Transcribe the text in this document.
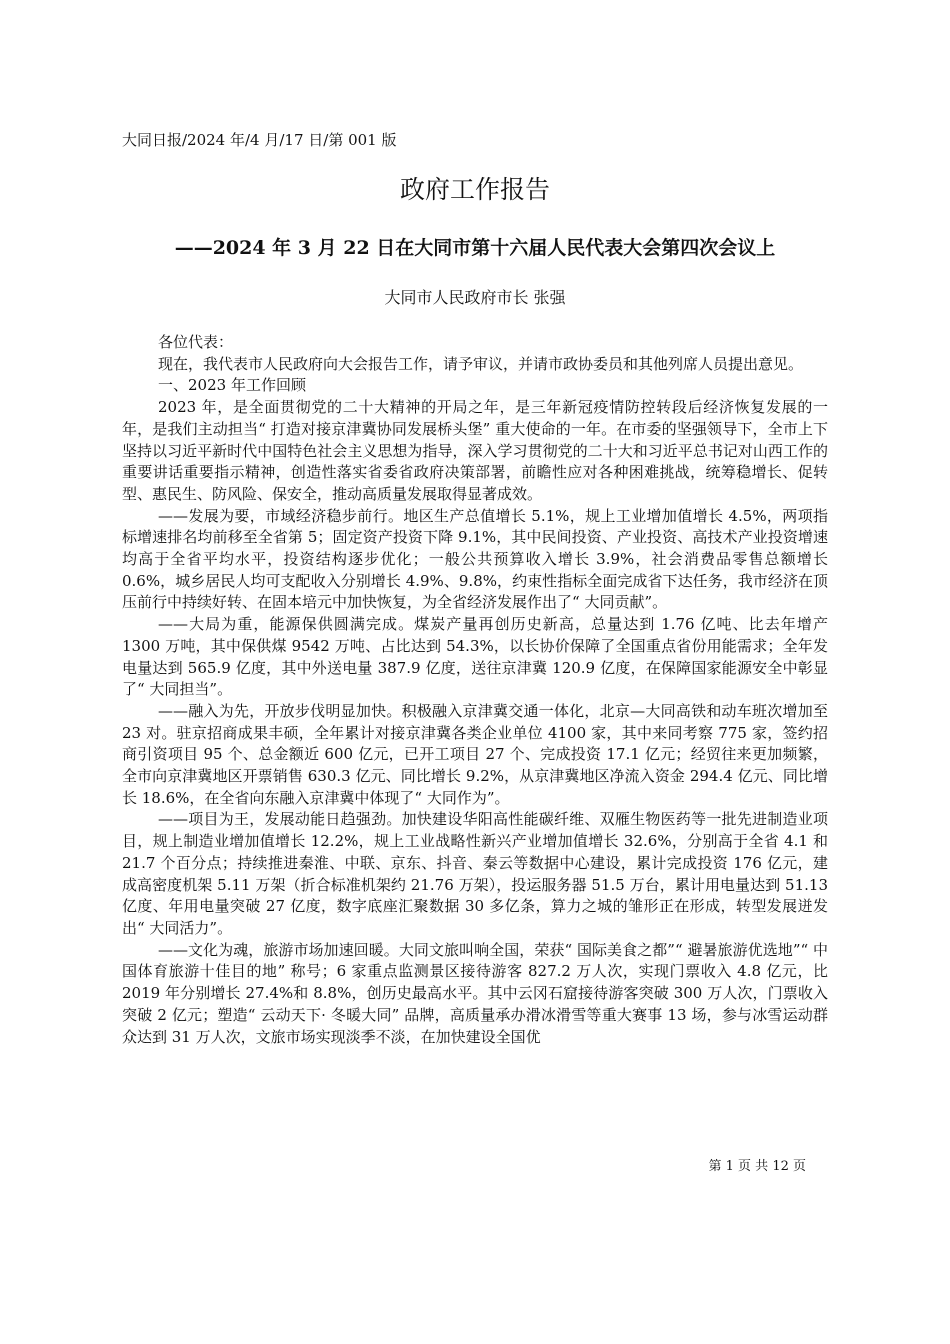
大同日报/2024 年/4 月/17 日/第 001 版
政府工作报告
——2024 年 3 月 22 日在大同市第十六届人民代表大会第四次会议上
大同市人民政府市长 张强

各位代表：

现在，我代表市人民政府向大会报告工作，请予审议，并请市政协委员和其他列席人员提出意见。

一、2023 年工作回顾

2023 年，是全面贯彻党的二十大精神的开局之年，是三年新冠疫情防控转段后经济恢复发展的一年，是我们主动担当“ 打造对接京津冀协同发展桥头堡” 重大使命的一年。在市委的坚强领导下，全市上下坚持以习近平新时代中国特色社会主义思想为指导，深入学习贯彻党的二十大和习近平总书记对山西工作的重要讲话重要指示精神，创造性落实省委省政府决策部署，前瞻性应对各种困难挑战，统筹稳增长、促转型、惠民生、防风险、保安全，推动高质量发展取得显著成效。

——发展为要，市域经济稳步前行。地区生产总值增长 5.1%，规上工业增加值增长 4.5%，两项指标增速排名均前移至全省第 5；固定资产投资下降 9.1%，其中民间投资、产业投资、高技术产业投资增速均高于全省平均水平，投资结构逐步优化；一般公共预算收入增长 3.9%，社会消费品零售总额增长 0.6%，城乡居民人均可支配收入分别增长 4.9%、9.8%，约束性指标全面完成省下达任务，我市经济在顶压前行中持续好转、在固本培元中加快恢复，为全省经济发展作出了“ 大同贡献”。

——大局为重，能源保供圆满完成。煤炭产量再创历史新高，总量达到 1.76 亿吨、比去年增产 1300 万吨，其中保供煤 9542 万吨、占比达到 54.3%，以长协价保障了全国重点省份用能需求；全年发电量达到 565.9 亿度，其中外送电量 387.9 亿度，送往京津冀 120.9 亿度，在保障国家能源安全中彰显了“ 大同担当”。

——融入为先，开放步伐明显加快。积极融入京津冀交通一体化，北京—大同高铁和动车班次增加至 23 对。驻京招商成果丰硕，全年累计对接京津冀各类企业单位 4100 家，其中来同考察 775 家，签约招商引资项目 95 个、总金额近 600 亿元，已开工项目 27 个、完成投资 17.1 亿元；经贸往来更加频繁，全市向京津冀地区开票销售 630.3 亿元、同比增长 9.2%，从京津冀地区净流入资金 294.4 亿元、同比增长 18.6%，在全省向东融入京津冀中体现了“ 大同作为”。

——项目为王，发展动能日趋强劲。加快建设华阳高性能碳纤维、双雁生物医药等一批先进制造业项目，规上制造业增加值增长 12.2%，规上工业战略性新兴产业增加值增长 32.6%，分别高于全省 4.1 和 21.7 个百分点；持续推进秦淮、中联、京东、抖音、秦云等数据中心建设，累计完成投资 176 亿元，建成高密度机架 5.11 万架（折合标准机架约 21.76 万架），投运服务器 51.5 万台，累计用电量达到 51.13 亿度、年用电量突破 27 亿度，数字底座汇聚数据 30 多亿条，算力之城的雏形正在形成，转型发展迸发出“ 大同活力”。

——文化为魂，旅游市场加速回暖。大同文旅叫响全国，荣获“ 国际美食之都”“ 避暑旅游优选地”“ 中国体育旅游十佳目的地” 称号；6 家重点监测景区接待游客 827.2 万人次，实现门票收入 4.8 亿元，比 2019 年分别增长 27.4%和 8.8%，创历史最高水平。其中云冈石窟接待游客突破 300 万人次，门票收入突破 2 亿元；塑造“ 云动天下· 冬暖大同” 品牌，高质量承办滑冰滑雪等重大赛事 13 场，参与冰雪运动群众达到 31 万人次，文旅市场实现淡季不淡，在加快建设全国优

第 1 页 共 12 页
